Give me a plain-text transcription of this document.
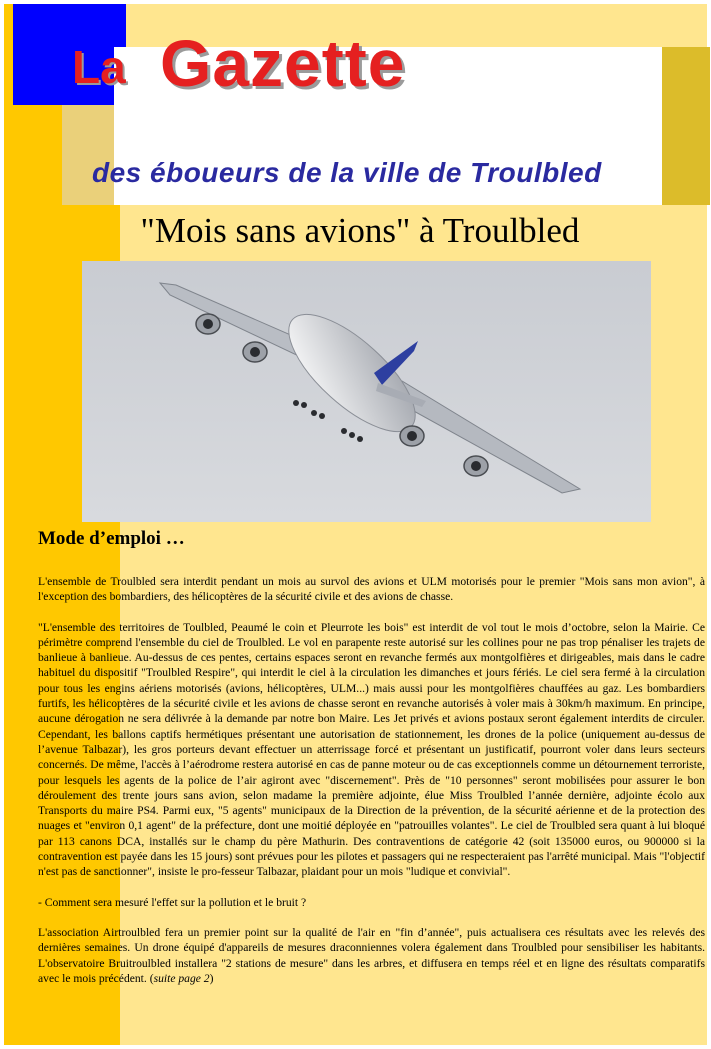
La Gazette
des éboueurs de la ville de Troulbled
"Mois sans avions" à Troulbled
Mode d’emploi …

L'ensemble de Troulbled sera interdit pendant un mois au survol des avions et ULM motorisés pour le premier "Mois sans mon avion", à l'exception des bombardiers, des hélicoptères de la sécurité civile et des avions de chasse.

"L'ensemble des territoires de Toulbled, Peaumé le coin et Pleurrote les bois" est interdit de vol tout le mois d’octobre, selon la Mairie. Ce périmètre comprend l'ensemble du ciel de Troulbled. Le vol en parapente reste autorisé sur les collines pour ne pas trop pénaliser les trajets de banlieue à banlieue. Au-dessus de ces pentes, certains espaces seront en revanche fermés aux montgolfières et dirigeables, mais dans le cadre habituel du dispositif "Troulbled Respire", qui interdit le ciel à la circulation les dimanches et jours fériés. Le ciel sera fermé à la circulation pour tous les engins aériens motorisés (avions, hélicoptères, ULM...) mais aussi pour les montgolfières chauffées au gaz. Les bombardiers furtifs, les hélicoptères de la sécurité civile et les avions de chasse seront en revanche autorisés à voler mais à 30km/h maximum. En principe, aucune dérogation ne sera délivrée à la demande par notre bon Maire. Les Jet privés et avions postaux seront également interdits de circuler. Cependant, les ballons captifs hermétiques présentant une autorisation de stationnement, les drones de la police (uniquement au-dessus de l’avenue Talbazar), les gros porteurs devant effectuer un atterrissage forcé et présentant un justificatif, pourront voler dans leurs secteurs concernés. De même, l'accès à l’aérodrome restera autorisé en cas de panne moteur ou de cas exceptionnels comme un détournement terroriste, pour lesquels les agents de la police de l’air agiront avec "discernement". Près de "10 personnes" seront mobilisées pour assurer le bon déroulement des trente jours sans avion, selon madame la première adjointe, élue Miss Troulbled l’année dernière, adjointe écolo aux Transports du maire PS4. Parmi eux, "5 agents" municipaux de la Direction de la prévention, de la sécurité aérienne et de la protection des nuages et "environ 0,1 agent" de la préfecture, dont une moitié déployée en "patrouilles volantes". Le ciel de Troulbled sera quant à lui bloqué par 113 canons DCA, installés sur le champ du père Mathurin. Des contraventions de catégorie 42 (soit 135000 euros, ou 900000 si la contravention est payée dans les 15 jours) sont prévues pour les pilotes et passagers qui ne respecteraient pas l'arrêté municipal. Mais "l'objectif n'est pas de sanctionner", insiste le pro-fesseur Talbazar, plaidant pour un mois "ludique et convivial".

- Comment sera mesuré l'effet sur la pollution et le bruit ?

L'association Airtroulbled fera un premier point sur la qualité de l'air en "fin d’année", puis actualisera ces résultats avec les relevés des dernières semaines. Un drone équipé d'appareils de mesures draconniennes volera également dans Troulbled pour sensibiliser les habitants. L'observatoire Bruitroulbled installera "2 stations de mesure" dans les arbres, et diffusera en temps réel et en ligne des résultats comparatifs avec le mois précédent. (suite page 2)
